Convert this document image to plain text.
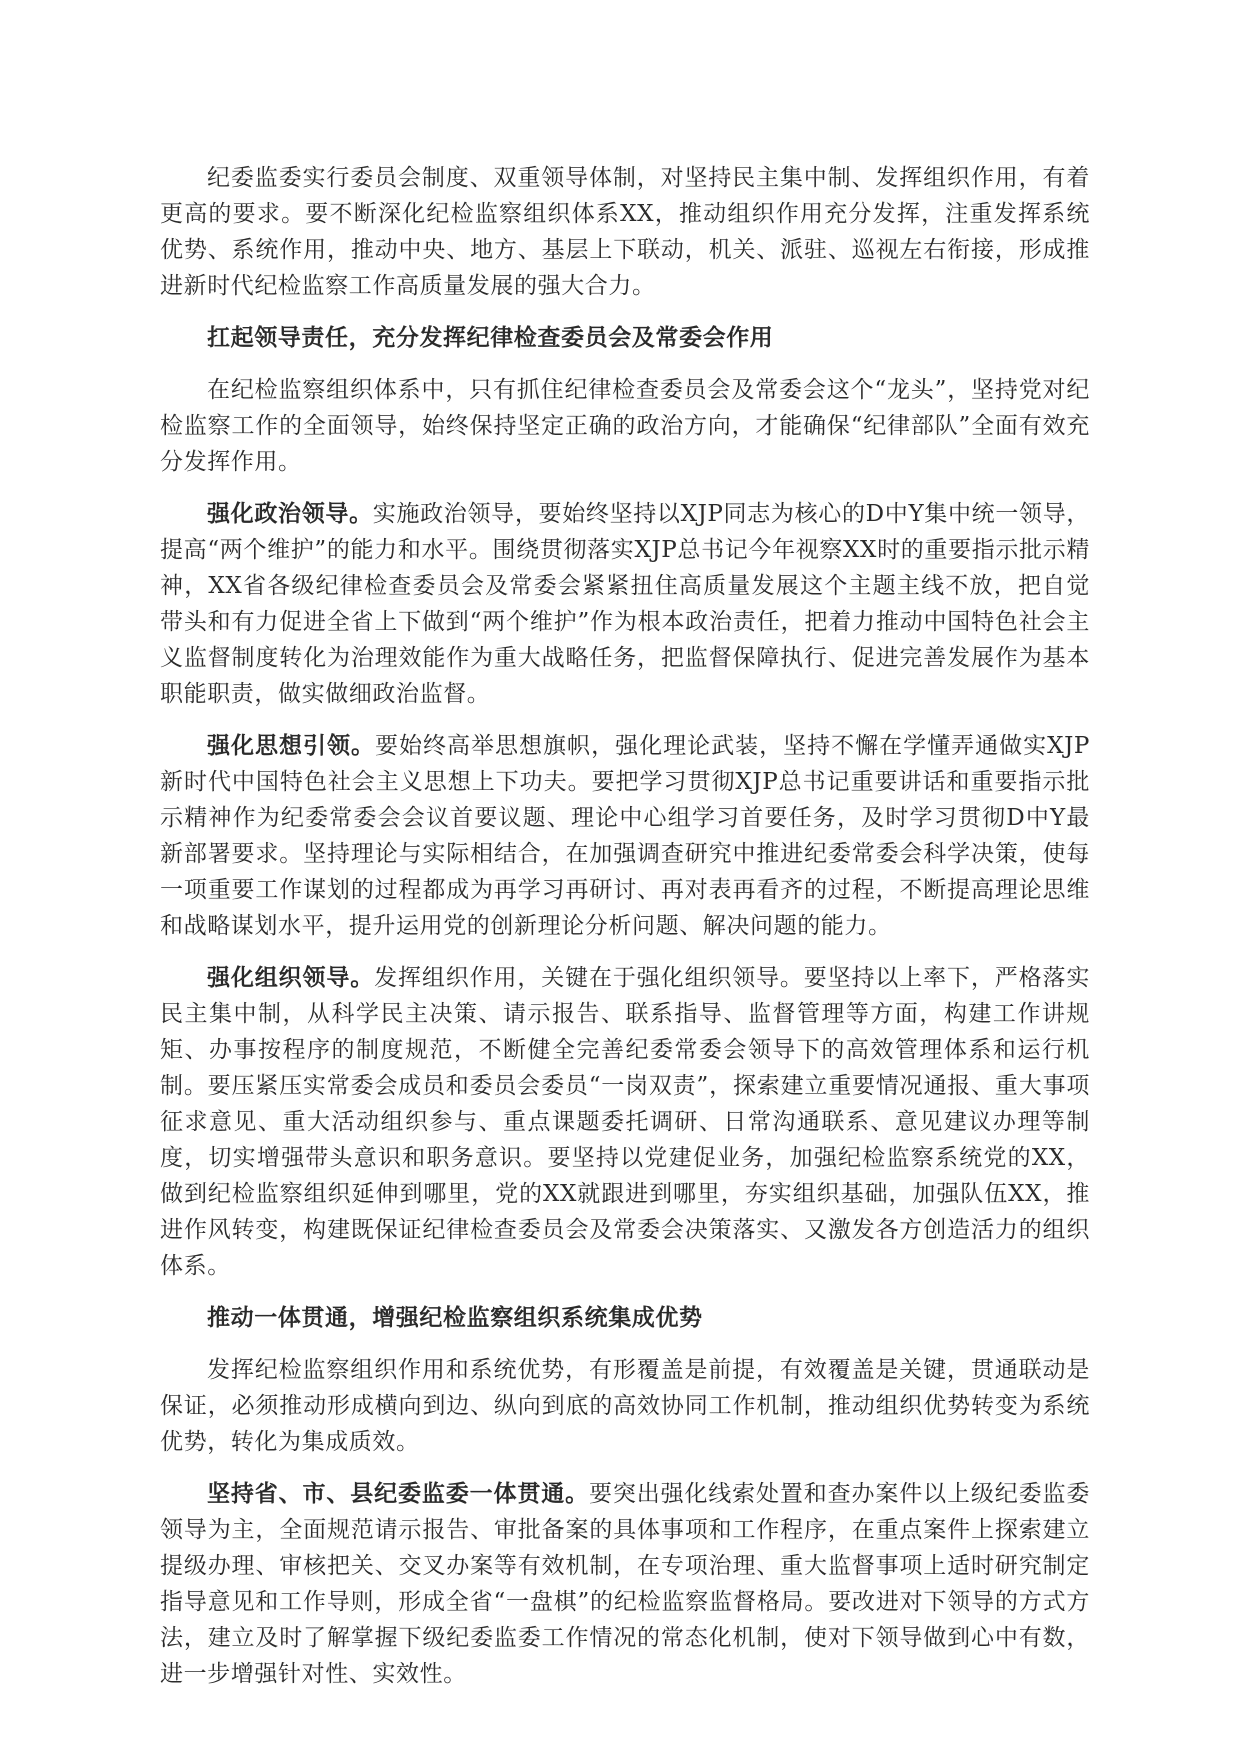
纪委监委实行委员会制度、双重领导体制，对坚持民主集中制、发挥组织作用，有着更高的要求。要不断深化纪检监察组织体系XX，推动组织作用充分发挥，注重发挥系统优势、系统作用，推动中央、地方、基层上下联动，机关、派驻、巡视左右衔接，形成推进新时代纪检监察工作高质量发展的强大合力。

扛起领导责任，充分发挥纪律检查委员会及常委会作用

在纪检监察组织体系中，只有抓住纪律检查委员会及常委会这个“龙头”，坚持党对纪检监察工作的全面领导，始终保持坚定正确的政治方向，才能确保“纪律部队”全面有效充分发挥作用。

强化政治领导。实施政治领导，要始终坚持以XJP同志为核心的D中Y集中统一领导，提高“两个维护”的能力和水平。围绕贯彻落实XJP总书记今年视察XX时的重要指示批示精神，XX省各级纪律检查委员会及常委会紧紧扭住高质量发展这个主题主线不放，把自觉带头和有力促进全省上下做到“两个维护”作为根本政治责任，把着力推动中国特色社会主义监督制度转化为治理效能作为重大战略任务，把监督保障执行、促进完善发展作为基本职能职责，做实做细政治监督。

强化思想引领。要始终高举思想旗帜，强化理论武装，坚持不懈在学懂弄通做实XJP新时代中国特色社会主义思想上下功夫。要把学习贯彻XJP总书记重要讲话和重要指示批示精神作为纪委常委会会议首要议题、理论中心组学习首要任务，及时学习贯彻D中Y最新部署要求。坚持理论与实际相结合，在加强调查研究中推进纪委常委会科学决策，使每一项重要工作谋划的过程都成为再学习再研讨、再对表再看齐的过程，不断提高理论思维和战略谋划水平，提升运用党的创新理论分析问题、解决问题的能力。

强化组织领导。发挥组织作用，关键在于强化组织领导。要坚持以上率下，严格落实民主集中制，从科学民主决策、请示报告、联系指导、监督管理等方面，构建工作讲规矩、办事按程序的制度规范，不断健全完善纪委常委会领导下的高效管理体系和运行机制。要压紧压实常委会成员和委员会委员“一岗双责”，探索建立重要情况通报、重大事项征求意见、重大活动组织参与、重点课题委托调研、日常沟通联系、意见建议办理等制度，切实增强带头意识和职务意识。要坚持以党建促业务，加强纪检监察系统党的XX，做到纪检监察组织延伸到哪里，党的XX就跟进到哪里，夯实组织基础，加强队伍XX，推进作风转变，构建既保证纪律检查委员会及常委会决策落实、又激发各方创造活力的组织体系。

推动一体贯通，增强纪检监察组织系统集成优势

发挥纪检监察组织作用和系统优势，有形覆盖是前提，有效覆盖是关键，贯通联动是保证，必须推动形成横向到边、纵向到底的高效协同工作机制，推动组织优势转变为系统优势，转化为集成质效。

坚持省、市、县纪委监委一体贯通。要突出强化线索处置和查办案件以上级纪委监委领导为主，全面规范请示报告、审批备案的具体事项和工作程序，在重点案件上探索建立提级办理、审核把关、交叉办案等有效机制，在专项治理、重大监督事项上适时研究制定指导意见和工作导则，形成全省“一盘棋”的纪检监察监督格局。要改进对下领导的方式方法，建立及时了解掌握下级纪委监委工作情况的常态化机制，使对下领导做到心中有数，进一步增强针对性、实效性。
